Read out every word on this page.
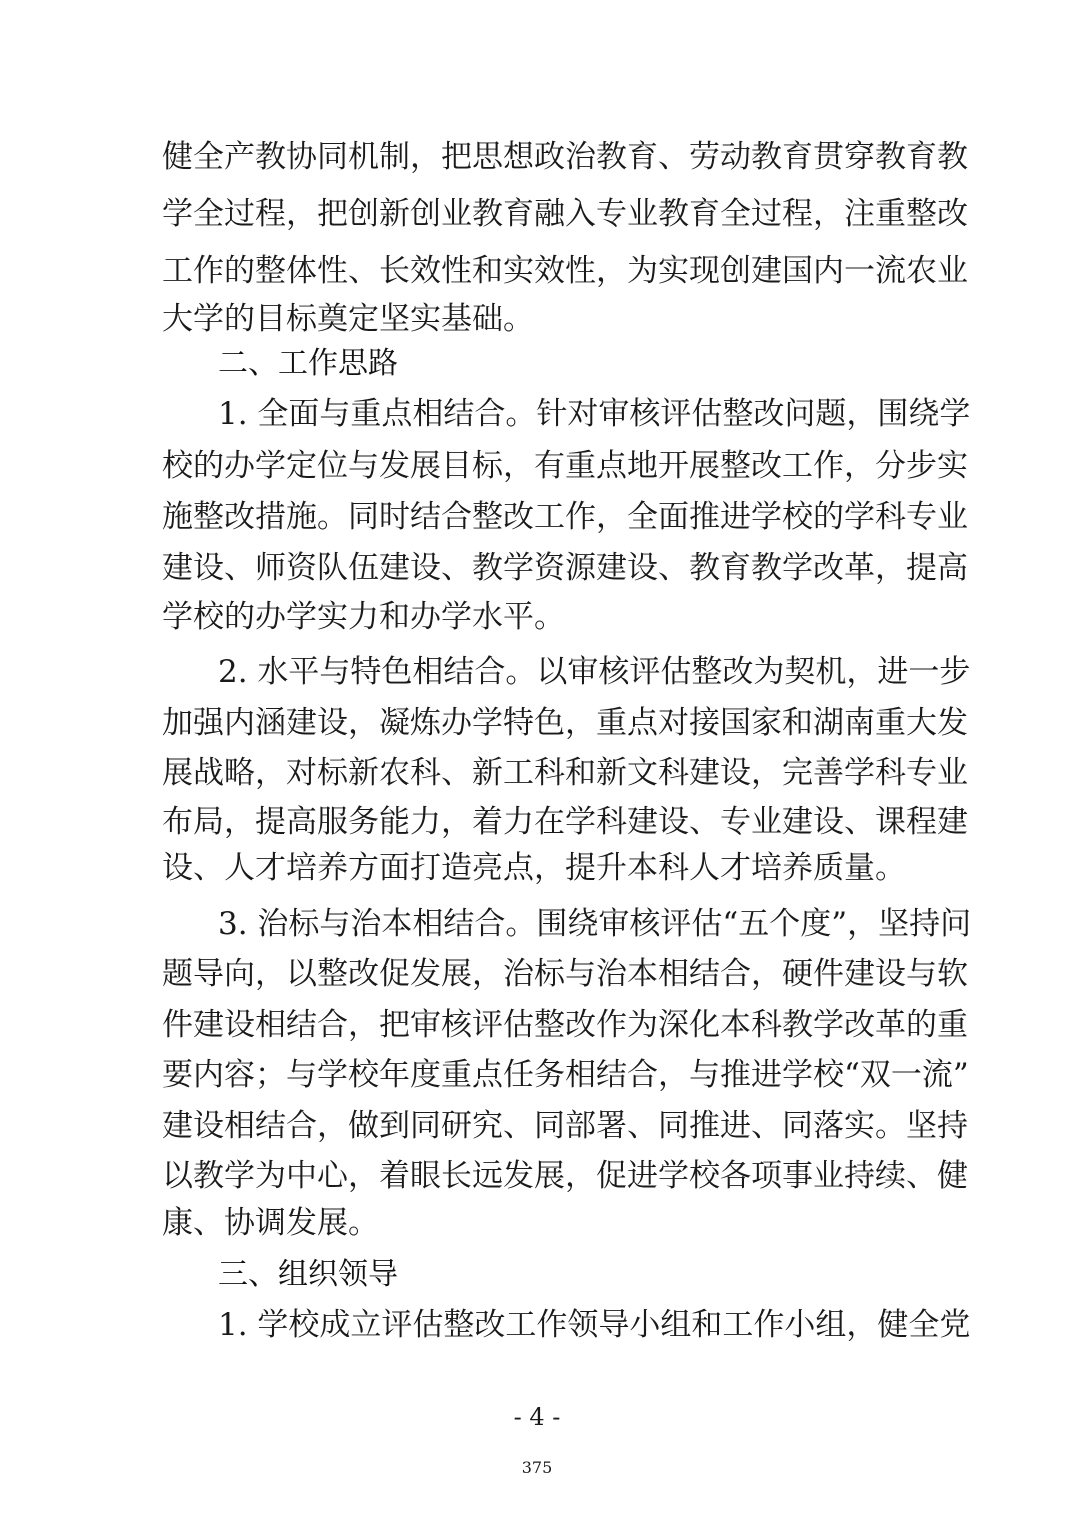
健全产教协同机制，把思想政治教育、劳动教育贯穿教育教
学全过程，把创新创业教育融入专业教育全过程，注重整改
工作的整体性、长效性和实效性，为实现创建国内一流农业
大学的目标奠定坚实基础。
二、工作思路
1. 全面与重点相结合。针对审核评估整改问题，围绕学
校的办学定位与发展目标，有重点地开展整改工作，分步实
施整改措施。同时结合整改工作，全面推进学校的学科专业
建设、师资队伍建设、教学资源建设、教育教学改革，提高
学校的办学实力和办学水平。
2. 水平与特色相结合。以审核评估整改为契机，进一步
加强内涵建设，凝炼办学特色，重点对接国家和湖南重大发
展战略，对标新农科、新工科和新文科建设，完善学科专业
布局，提高服务能力，着力在学科建设、专业建设、课程建
设、人才培养方面打造亮点，提升本科人才培养质量。
3. 治标与治本相结合。围绕审核评估“五个度”，坚持问
题导向，以整改促发展，治标与治本相结合，硬件建设与软
件建设相结合，把审核评估整改作为深化本科教学改革的重
要内容；与学校年度重点任务相结合，与推进学校“双一流”
建设相结合，做到同研究、同部署、同推进、同落实。坚持
以教学为中心，着眼长远发展，促进学校各项事业持续、健
康、协调发展。
三、组织领导
1. 学校成立评估整改工作领导小组和工作小组，健全党
- 4 -
375
